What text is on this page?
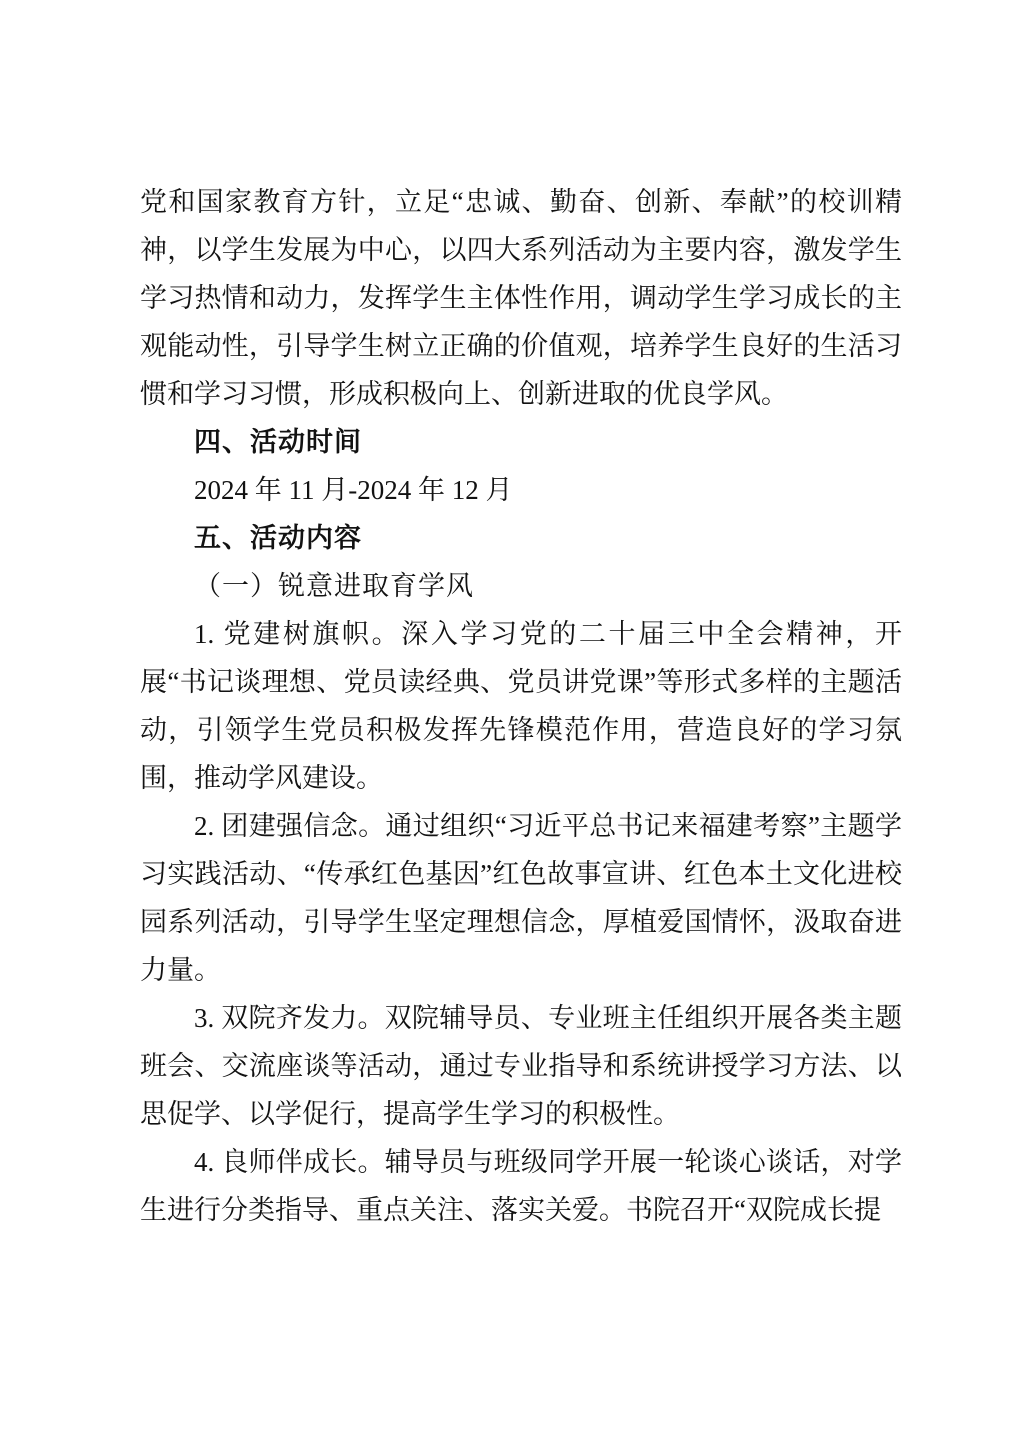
党和国家教育方针，立足“忠诚、勤奋、创新、奉献”的校训精神，以学生发展为中心，以四大系列活动为主要内容，激发学生学习热情和动力，发挥学生主体性作用，调动学生学习成长的主观能动性，引导学生树立正确的价值观，培养学生良好的生活习惯和学习习惯，形成积极向上、创新进取的优良学风。

四、活动时间

2024 年 11 月-2024 年 12 月

五、活动内容

（一）锐意进取育学风

1. 党建树旗帜。深入学习党的二十届三中全会精神，开展“书记谈理想、党员读经典、党员讲党课”等形式多样的主题活动，引领学生党员积极发挥先锋模范作用，营造良好的学习氛围，推动学风建设。

2. 团建强信念。通过组织“习近平总书记来福建考察”主题学习实践活动、“传承红色基因”红色故事宣讲、红色本土文化进校园系列活动，引导学生坚定理想信念，厚植爱国情怀，汲取奋进力量。

3. 双院齐发力。双院辅导员、专业班主任组织开展各类主题班会、交流座谈等活动，通过专业指导和系统讲授学习方法、以思促学、以学促行，提高学生学习的积极性。

4. 良师伴成长。辅导员与班级同学开展一轮谈心谈话，对学生进行分类指导、重点关注、落实关爱。书院召开“双院成长提
